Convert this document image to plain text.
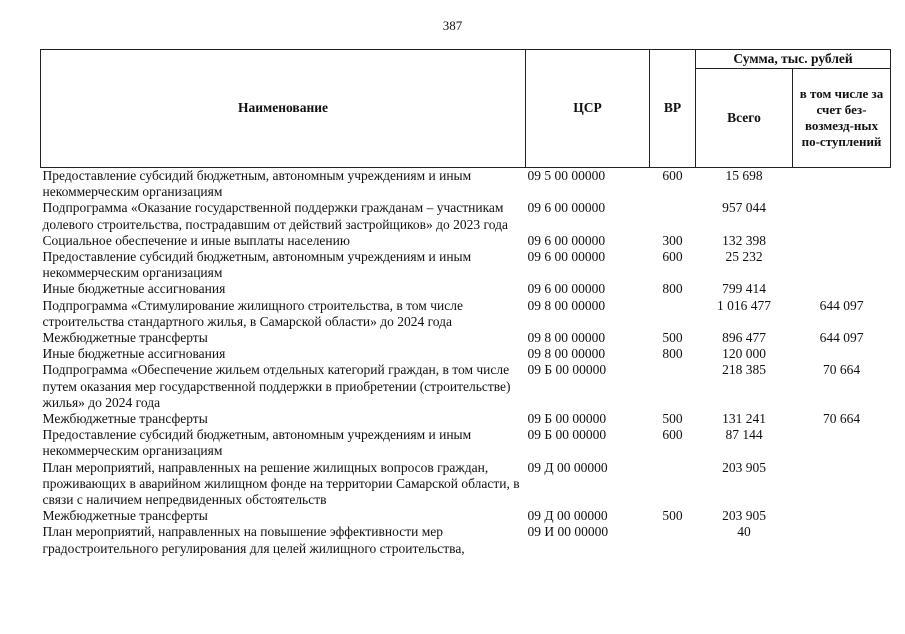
387
Наименование	ЦСР	ВР	Сумма, тыс. рублей	
			Всего	в том числе за счет без-возмезд-ных по-ступлений
Предоставление субсидий бюджетным, автономным учреждениям и иным некоммерческим организациям	09 5 00 00000	600	15 698	
Подпрограмма «Оказание государственной поддержки гражданам – участникам долевого строительства, пострадавшим от действий застройщиков» до 2023 года	09 6 00 00000		957 044	
Социальное обеспечение и иные выплаты населению	09 6 00 00000	300	132 398	
Предоставление субсидий бюджетным, автономным учреждениям и иным некоммерческим организациям	09 6 00 00000	600	25 232	
Иные бюджетные ассигнования	09 6 00 00000	800	799 414	
Подпрограмма «Стимулирование жилищного строительства, в том числе строительства стандартного жилья, в Самарской области» до 2024 года	09 8 00 00000		1 016 477	644 097
Межбюджетные трансферты	09 8 00 00000	500	896 477	644 097
Иные бюджетные ассигнования	09 8 00 00000	800	120 000	
Подпрограмма «Обеспечение жильем отдельных категорий граждан, в том числе путем оказания мер государственной поддержки в приобретении (строительстве) жилья» до 2024 года	09 Б 00 00000		218 385	70 664
Межбюджетные трансферты	09 Б 00 00000	500	131 241	70 664
Предоставление субсидий бюджетным, автономным учреждениям и иным некоммерческим организациям	09 Б 00 00000	600	87 144	
План мероприятий, направленных на решение жилищных вопросов граждан, проживающих в аварийном жилищном фонде на территории Самарской области, в связи с наличием непредвиденных обстоятельств	09 Д 00 00000		203 905	
Межбюджетные трансферты	09 Д 00 00000	500	203 905	
План мероприятий, направленных на повышение эффективности мер градостроительного регулирования для целей жилищного строительства,	09 И 00 00000		40	
